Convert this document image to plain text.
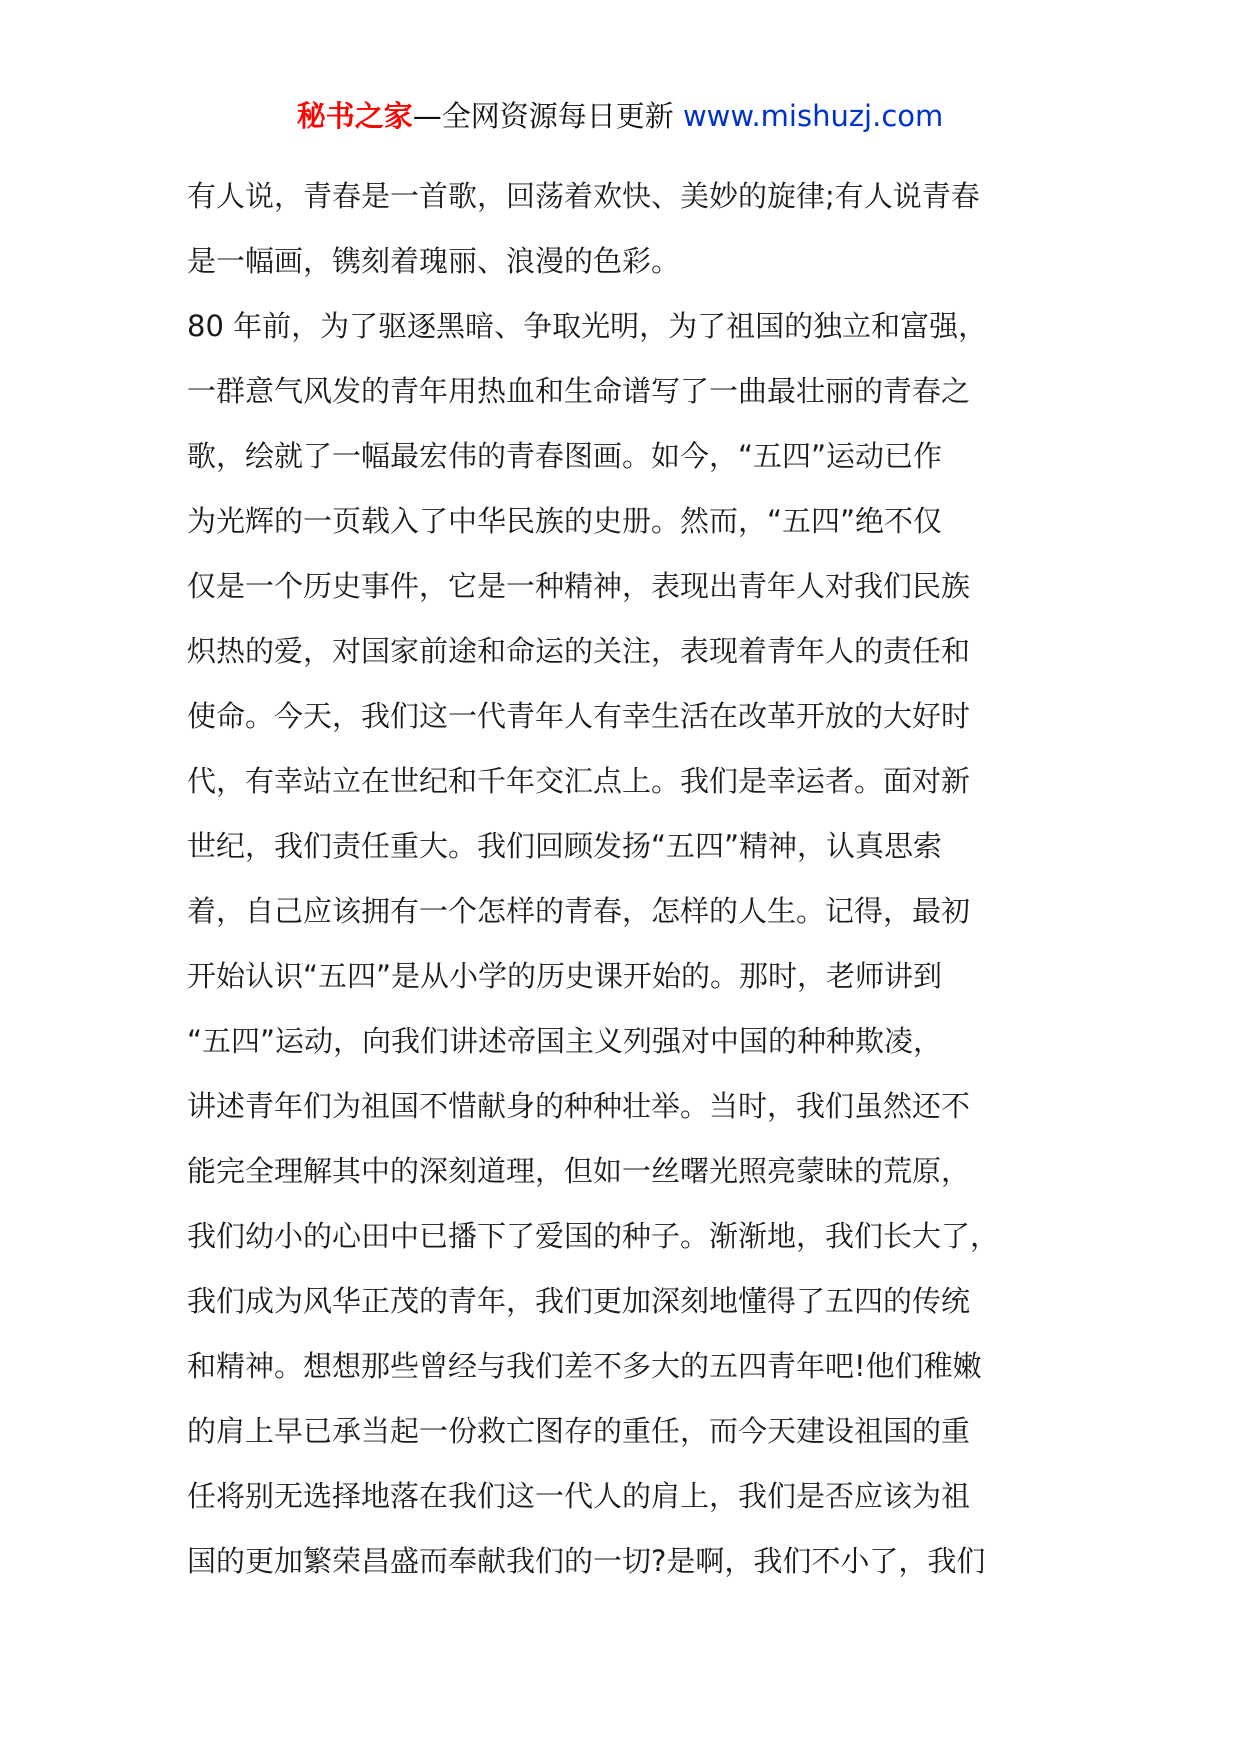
秘书之家—全网资源每日更新 www.mishuzj.com
有人说，青春是一首歌，回荡着欢快、美妙的旋律;有人说青春
是一幅画，镌刻着瑰丽、浪漫的色彩。
80 年前，为了驱逐黑暗、争取光明，为了祖国的独立和富强，
一群意气风发的青年用热血和生命谱写了一曲最壮丽的青春之
歌，绘就了一幅最宏伟的青春图画。如今，“五四”运动已作
为光辉的一页载入了中华民族的史册。然而，“五四”绝不仅
仅是一个历史事件，它是一种精神，表现出青年人对我们民族
炽热的爱，对国家前途和命运的关注，表现着青年人的责任和
使命。今天，我们这一代青年人有幸生活在改革开放的大好时
代，有幸站立在世纪和千年交汇点上。我们是幸运者。面对新
世纪，我们责任重大。我们回顾发扬“五四”精神，认真思索
着，自己应该拥有一个怎样的青春，怎样的人生。记得，最初
开始认识“五四”是从小学的历史课开始的。那时，老师讲到
“五四”运动，向我们讲述帝国主义列强对中国的种种欺凌，
讲述青年们为祖国不惜献身的种种壮举。当时，我们虽然还不
能完全理解其中的深刻道理，但如一丝曙光照亮蒙昧的荒原，
我们幼小的心田中已播下了爱国的种子。渐渐地，我们长大了，
我们成为风华正茂的青年，我们更加深刻地懂得了五四的传统
和精神。想想那些曾经与我们差不多大的五四青年吧!他们稚嫩
的肩上早已承当起一份救亡图存的重任，而今天建设祖国的重
任将别无选择地落在我们这一代人的肩上，我们是否应该为祖
国的更加繁荣昌盛而奉献我们的一切?是啊，我们不小了，我们
